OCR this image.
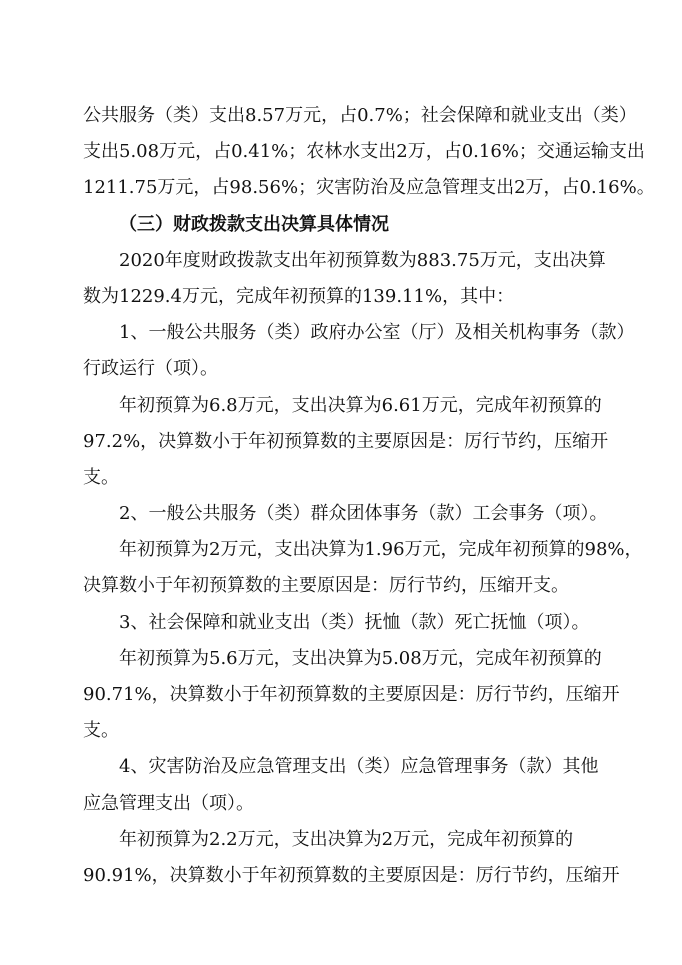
公共服务（类）支出8.57万元，占0.7%；社会保障和就业支出（类）
支出5.08万元，占0.41%；农林水支出2万，占0.16%；交通运输支出
1211.75万元，占98.56%；灾害防治及应急管理支出2万，占0.16%。
（三）财政拨款支出决算具体情况
2020年度财政拨款支出年初预算数为883.75万元，支出决算
数为1229.4万元，完成年初预算的139.11%，其中：
1、一般公共服务（类）政府办公室（厅）及相关机构事务（款）
行政运行（项）。
年初预算为6.8万元，支出决算为6.61万元，完成年初预算的
97.2%，决算数小于年初预算数的主要原因是：厉行节约，压缩开
支。
2、一般公共服务（类）群众团体事务（款）工会事务（项）。
年初预算为2万元，支出决算为1.96万元，完成年初预算的98%，
决算数小于年初预算数的主要原因是：厉行节约，压缩开支。
3、社会保障和就业支出（类）抚恤（款）死亡抚恤（项）。
年初预算为5.6万元，支出决算为5.08万元，完成年初预算的
90.71%，决算数小于年初预算数的主要原因是：厉行节约，压缩开
支。
4、灾害防治及应急管理支出（类）应急管理事务（款）其他
应急管理支出（项）。
年初预算为2.2万元，支出决算为2万元，完成年初预算的
90.91%，决算数小于年初预算数的主要原因是：厉行节约，压缩开
